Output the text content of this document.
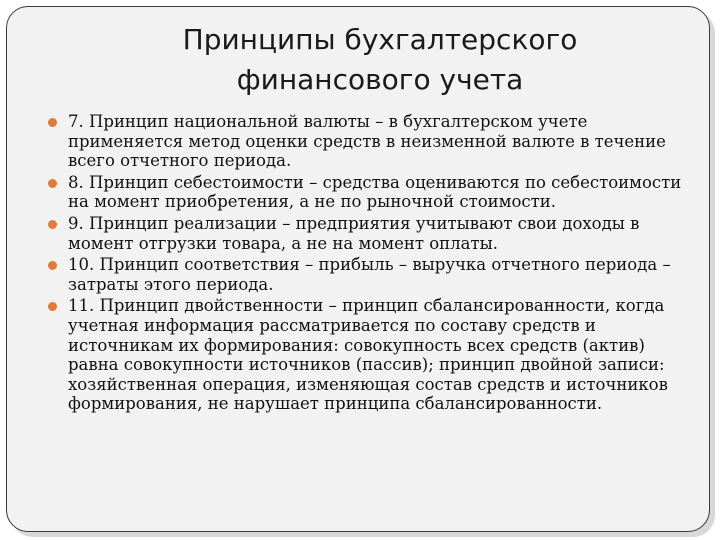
Принципы бухгалтерского финансового учета
7. Принцип национальной валюты – в бухгалтерском учете применяется метод оценки средств в неизменной валюте в течение всего отчетного периода.
8. Принцип себестоимости – средства оцениваются по себестоимости на момент приобретения, а не по рыночной стоимости.
9. Принцип реализации – предприятия учитывают свои доходы в момент отгрузки товара, а не на момент оплаты.
10. Принцип соответствия – прибыль – выручка отчетного периода – затраты этого периода.
11. Принцип двойственности – принцип сбалансированности, когда учетная информация рассматривается по составу средств и источникам их формирования: совокупность всех средств (актив) равна совокупности источников (пассив); принцип двойной записи: хозяйственная операция, изменяющая состав средств и источников формирования, не нарушает принципа сбалансированности.
